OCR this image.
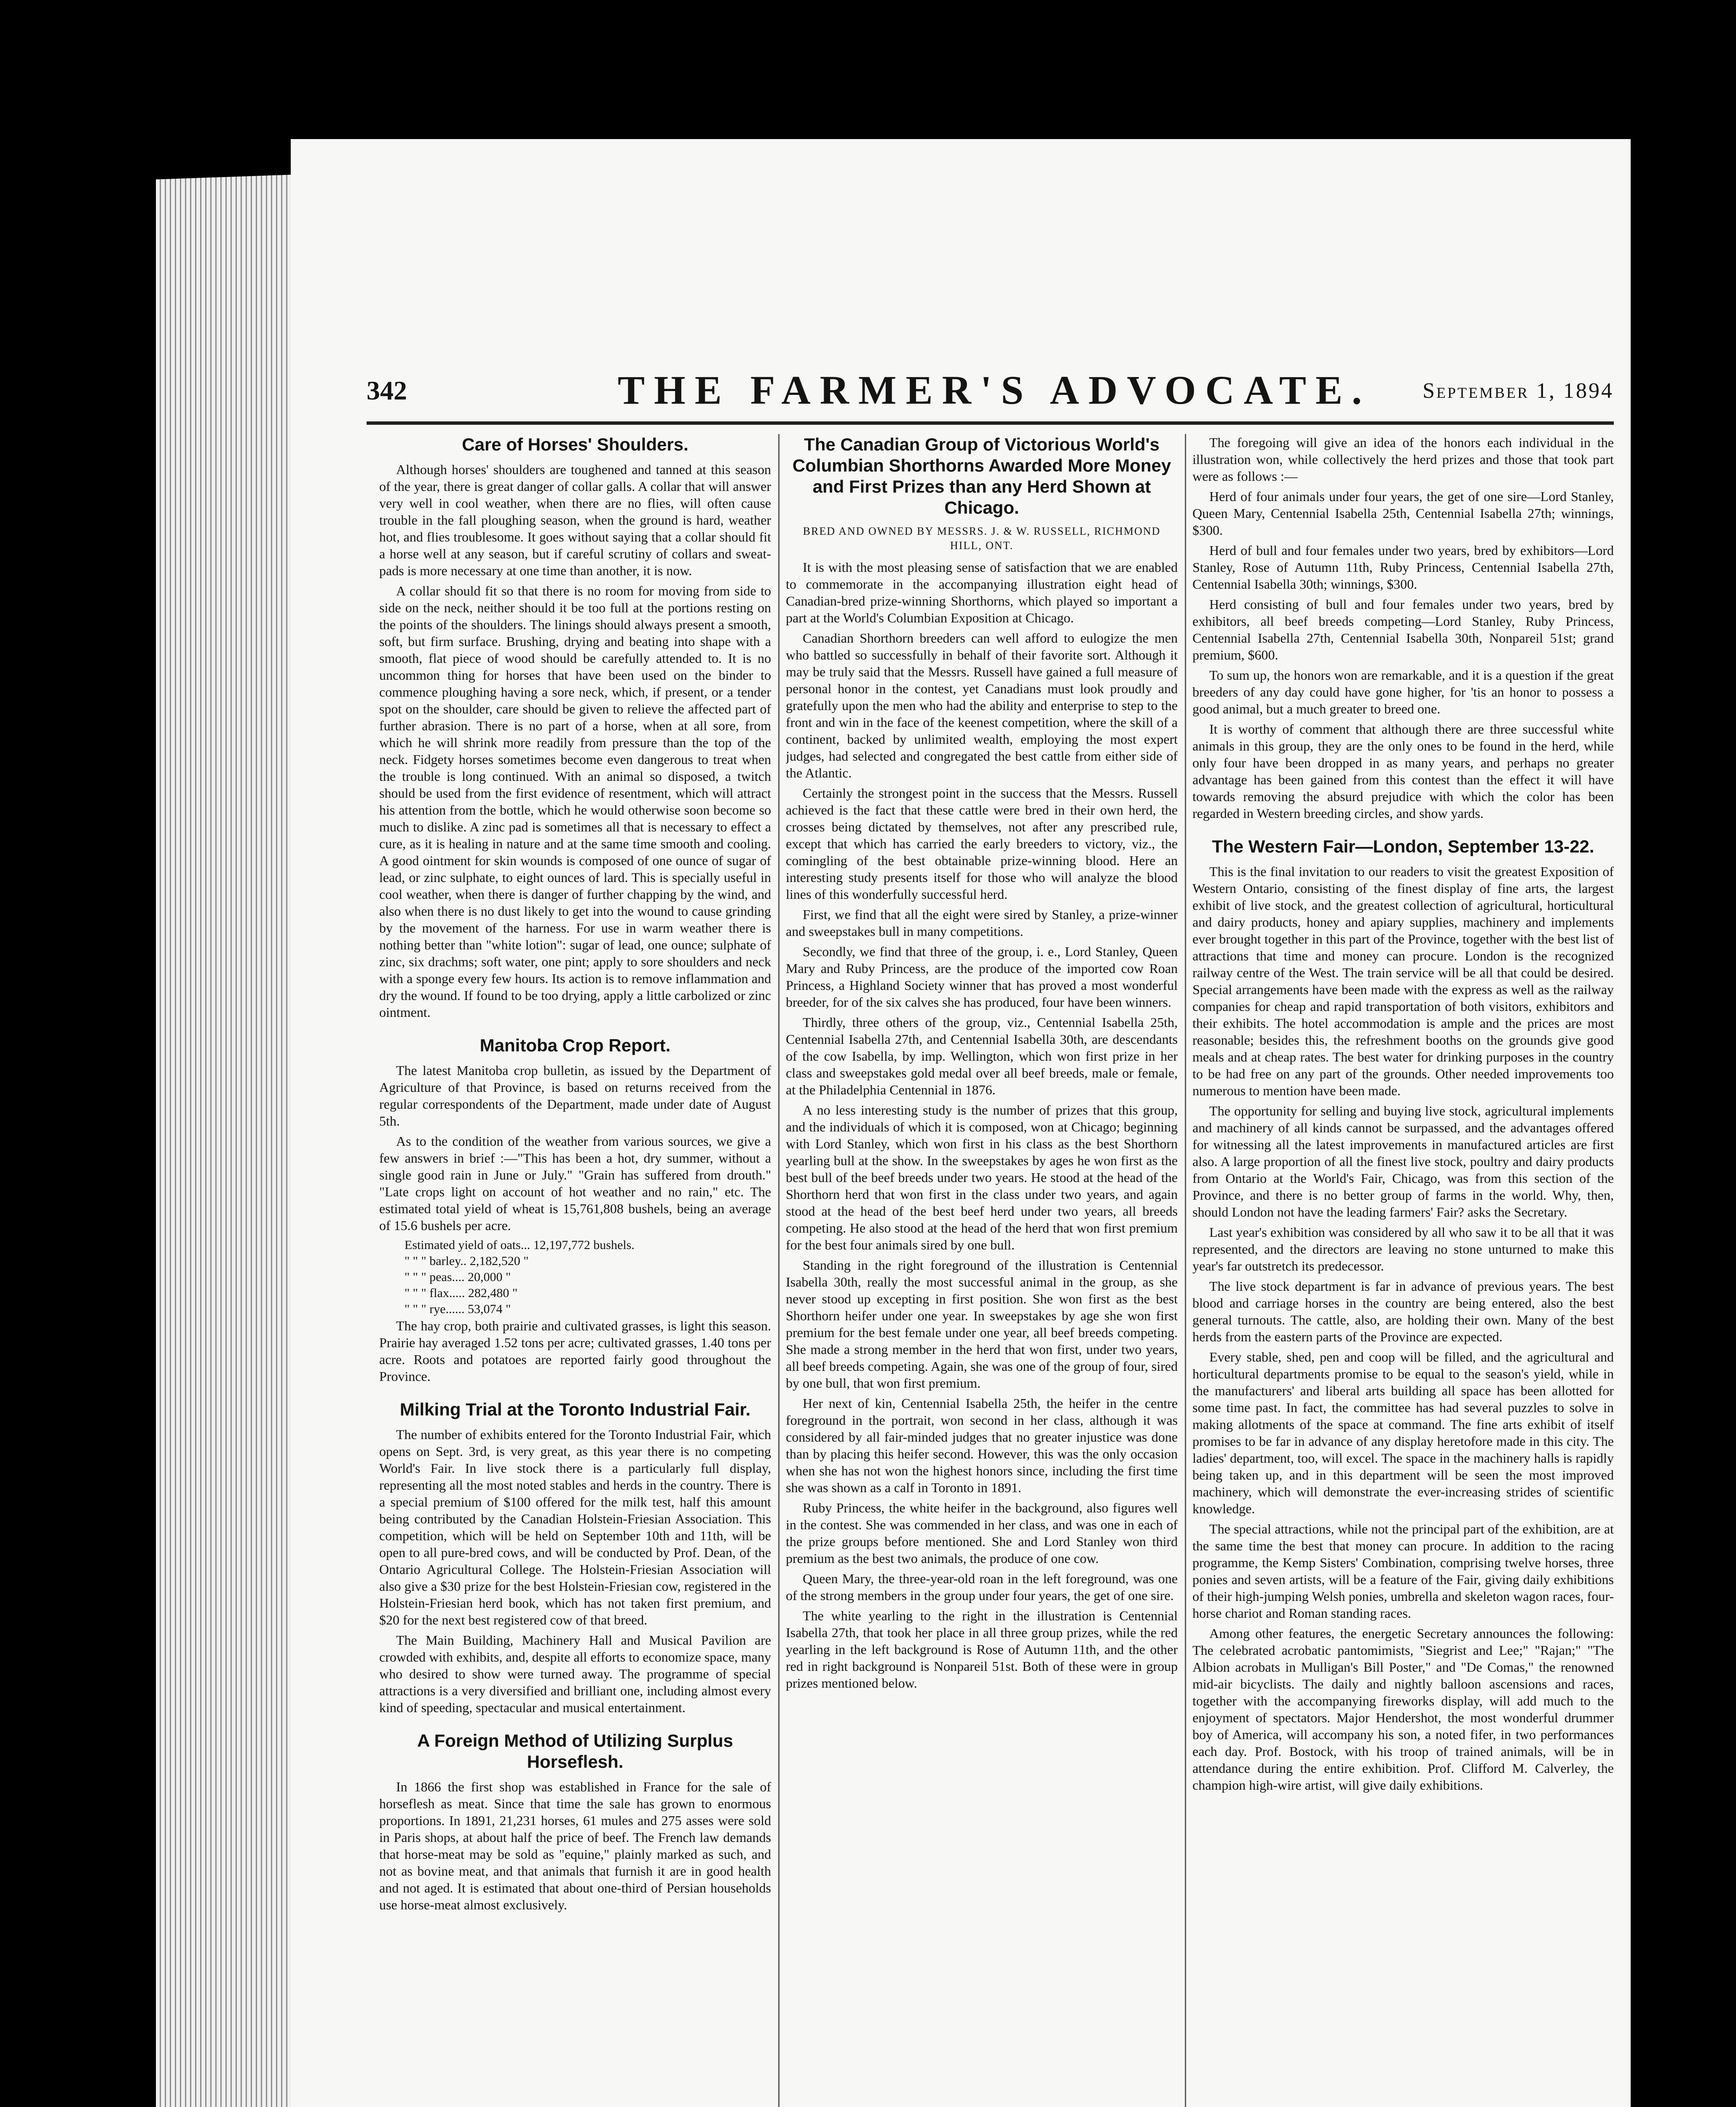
342	THE FARMER'S ADVOCATE.	September 1, 1894
Care of Horses' Shoulders.

Although horses' shoulders are toughened and tanned at this season of the year, there is great danger of collar galls. A collar that will answer very well in cool weather, when there are no flies, will often cause trouble in the fall ploughing season, when the ground is hard, weather hot, and flies troublesome. It goes without saying that a collar should fit a horse well at any season, but if careful scrutiny of collars and sweat-pads is more necessary at one time than another, it is now.

A collar should fit so that there is no room for moving from side to side on the neck, neither should it be too full at the portions resting on the points of the shoulders. The linings should always present a smooth, soft, but firm surface. Brushing, drying and beating into shape with a smooth, flat piece of wood should be carefully attended to. It is no uncommon thing for horses that have been used on the binder to commence ploughing having a sore neck, which, if present, or a tender spot on the shoulder, care should be given to relieve the affected part of further abrasion. There is no part of a horse, when at all sore, from which he will shrink more readily from pressure than the top of the neck. Fidgety horses sometimes become even dangerous to treat when the trouble is long continued. With an animal so disposed, a twitch should be used from the first evidence of resentment, which will attract his attention from the bottle, which he would otherwise soon become so much to dislike. A zinc pad is sometimes all that is necessary to effect a cure, as it is healing in nature and at the same time smooth and cooling. A good ointment for skin wounds is composed of one ounce of sugar of lead, or zinc sulphate, to eight ounces of lard. This is specially useful in cool weather, when there is danger of further chapping by the wind, and also when there is no dust likely to get into the wound to cause grinding by the movement of the harness. For use in warm weather there is nothing better than "white lotion": sugar of lead, one ounce; sulphate of zinc, six drachms; soft water, one pint; apply to sore shoulders and neck with a sponge every few hours. Its action is to remove inflammation and dry the wound. If found to be too drying, apply a little carbolized or zinc ointment.

Manitoba Crop Report.

The latest Manitoba crop bulletin, as issued by the Department of Agriculture of that Province, is based on returns received from the regular correspondents of the Department, made under date of August 5th.

As to the condition of the weather from various sources, we give a few answers in brief :—"This has been a hot, dry summer, without a single good rain in June or July." "Grain has suffered from drouth." "Late crops light on account of hot weather and no rain," etc. The estimated total yield of wheat is 15,761,808 bushels, being an average of 15.6 bushels per acre.

Estimated yield of oats... 12,197,772 bushels.

" " " barley.. 2,182,520 "

" " " peas.... 20,000 "

" " " flax..... 282,480 "

" " " rye...... 53,074 "

The hay crop, both prairie and cultivated grasses, is light this season. Prairie hay averaged 1.52 tons per acre; cultivated grasses, 1.40 tons per acre. Roots and potatoes are reported fairly good throughout the Province.

Milking Trial at the Toronto Industrial Fair.

The number of exhibits entered for the Toronto Industrial Fair, which opens on Sept. 3rd, is very great, as this year there is no competing World's Fair. In live stock there is a particularly full display, representing all the most noted stables and herds in the country. There is a special premium of $100 offered for the milk test, half this amount being contributed by the Canadian Holstein-Friesian Association. This competition, which will be held on September 10th and 11th, will be open to all pure-bred cows, and will be conducted by Prof. Dean, of the Ontario Agricultural College. The Holstein-Friesian Association will also give a $30 prize for the best Holstein-Friesian cow, registered in the Holstein-Friesian herd book, which has not taken first premium, and $20 for the next best registered cow of that breed.

The Main Building, Machinery Hall and Musical Pavilion are crowded with exhibits, and, despite all efforts to economize space, many who desired to show were turned away. The programme of special attractions is a very diversified and brilliant one, including almost every kind of speeding, spectacular and musical entertainment.

A Foreign Method of Utilizing Surplus Horseflesh.

In 1866 the first shop was established in France for the sale of horseflesh as meat. Since that time the sale has grown to enormous proportions. In 1891, 21,231 horses, 61 mules and 275 asses were sold in Paris shops, at about half the price of beef. The French law demands that horse-meat may be sold as "equine," plainly marked as such, and not as bovine meat, and that animals that furnish it are in good health and not aged. It is estimated that about one-third of Persian households use horse-meat almost exclusively.

The Canadian Group of Victorious World's Columbian Shorthorns Awarded More Money and First Prizes than any Herd Shown at Chicago.
BRED AND OWNED BY MESSRS. J. & W. RUSSELL, RICHMOND HILL, ONT.

It is with the most pleasing sense of satisfaction that we are enabled to commemorate in the accompanying illustration eight head of Canadian-bred prize-winning Shorthorns, which played so important a part at the World's Columbian Exposition at Chicago.

Canadian Shorthorn breeders can well afford to eulogize the men who battled so successfully in behalf of their favorite sort. Although it may be truly said that the Messrs. Russell have gained a full measure of personal honor in the contest, yet Canadians must look proudly and gratefully upon the men who had the ability and enterprise to step to the front and win in the face of the keenest competition, where the skill of a continent, backed by unlimited wealth, employing the most expert judges, had selected and congregated the best cattle from either side of the Atlantic.

Certainly the strongest point in the success that the Messrs. Russell achieved is the fact that these cattle were bred in their own herd, the crosses being dictated by themselves, not after any prescribed rule, except that which has carried the early breeders to victory, viz., the comingling of the best obtainable prize-winning blood. Here an interesting study presents itself for those who will analyze the blood lines of this wonderfully successful herd.

First, we find that all the eight were sired by Stanley, a prize-winner and sweepstakes bull in many competitions.

Secondly, we find that three of the group, i. e., Lord Stanley, Queen Mary and Ruby Princess, are the produce of the imported cow Roan Princess, a Highland Society winner that has proved a most wonderful breeder, for of the six calves she has produced, four have been winners.

Thirdly, three others of the group, viz., Centennial Isabella 25th, Centennial Isabella 27th, and Centennial Isabella 30th, are descendants of the cow Isabella, by imp. Wellington, which won first prize in her class and sweepstakes gold medal over all beef breeds, male or female, at the Philadelphia Centennial in 1876.

A no less interesting study is the number of prizes that this group, and the individuals of which it is composed, won at Chicago; beginning with Lord Stanley, which won first in his class as the best Shorthorn yearling bull at the show. In the sweepstakes by ages he won first as the best bull of the beef breeds under two years. He stood at the head of the Shorthorn herd that won first in the class under two years, and again stood at the head of the best beef herd under two years, all breeds competing. He also stood at the head of the herd that won first premium for the best four animals sired by one bull.

Standing in the right foreground of the illustration is Centennial Isabella 30th, really the most successful animal in the group, as she never stood up excepting in first position. She won first as the best Shorthorn heifer under one year. In sweepstakes by age she won first premium for the best female under one year, all beef breeds competing. She made a strong member in the herd that won first, under two years, all beef breeds competing. Again, she was one of the group of four, sired by one bull, that won first premium.

Her next of kin, Centennial Isabella 25th, the heifer in the centre foreground in the portrait, won second in her class, although it was considered by all fair-minded judges that no greater injustice was done than by placing this heifer second. However, this was the only occasion when she has not won the highest honors since, including the first time she was shown as a calf in Toronto in 1891.

Ruby Princess, the white heifer in the background, also figures well in the contest. She was commended in her class, and was one in each of the prize groups before mentioned. She and Lord Stanley won third premium as the best two animals, the produce of one cow.

Queen Mary, the three-year-old roan in the left foreground, was one of the strong members in the group under four years, the get of one sire.

The white yearling to the right in the illustration is Centennial Isabella 27th, that took her place in all three group prizes, while the red yearling in the left background is Rose of Autumn 11th, and the other red in right background is Nonpareil 51st. Both of these were in group prizes mentioned below.

The foregoing will give an idea of the honors each individual in the illustration won, while collectively the herd prizes and those that took part were as follows :—

Herd of four animals under four years, the get of one sire—Lord Stanley, Queen Mary, Centennial Isabella 25th, Centennial Isabella 27th; winnings, $300.

Herd of bull and four females under two years, bred by exhibitors—Lord Stanley, Rose of Autumn 11th, Ruby Princess, Centennial Isabella 27th, Centennial Isabella 30th; winnings, $300.

Herd consisting of bull and four females under two years, bred by exhibitors, all beef breeds competing—Lord Stanley, Ruby Princess, Centennial Isabella 27th, Centennial Isabella 30th, Nonpareil 51st; grand premium, $600.

To sum up, the honors won are remarkable, and it is a question if the great breeders of any day could have gone higher, for 'tis an honor to possess a good animal, but a much greater to breed one.

It is worthy of comment that although there are three successful white animals in this group, they are the only ones to be found in the herd, while only four have been dropped in as many years, and perhaps no greater advantage has been gained from this contest than the effect it will have towards removing the absurd prejudice with which the color has been regarded in Western breeding circles, and show yards.

The Western Fair—London, September 13-22.

This is the final invitation to our readers to visit the greatest Exposition of Western Ontario, consisting of the finest display of fine arts, the largest exhibit of live stock, and the greatest collection of agricultural, horticultural and dairy products, honey and apiary supplies, machinery and implements ever brought together in this part of the Province, together with the best list of attractions that time and money can procure. London is the recognized railway centre of the West. The train service will be all that could be desired. Special arrangements have been made with the express as well as the railway companies for cheap and rapid transportation of both visitors, exhibitors and their exhibits. The hotel accommodation is ample and the prices are most reasonable; besides this, the refreshment booths on the grounds give good meals and at cheap rates. The best water for drinking purposes in the country to be had free on any part of the grounds. Other needed improvements too numerous to mention have been made.

The opportunity for selling and buying live stock, agricultural implements and machinery of all kinds cannot be surpassed, and the advantages offered for witnessing all the latest improvements in manufactured articles are first also. A large proportion of all the finest live stock, poultry and dairy products from Ontario at the World's Fair, Chicago, was from this section of the Province, and there is no better group of farms in the world. Why, then, should London not have the leading farmers' Fair? asks the Secretary.

Last year's exhibition was considered by all who saw it to be all that it was represented, and the directors are leaving no stone unturned to make this year's far outstretch its predecessor.

The live stock department is far in advance of previous years. The best blood and carriage horses in the country are being entered, also the best general turnouts. The cattle, also, are holding their own. Many of the best herds from the eastern parts of the Province are expected.

Every stable, shed, pen and coop will be filled, and the agricultural and horticultural departments promise to be equal to the season's yield, while in the manufacturers' and liberal arts building all space has been allotted for some time past. In fact, the committee has had several puzzles to solve in making allotments of the space at command. The fine arts exhibit of itself promises to be far in advance of any display heretofore made in this city. The ladies' department, too, will excel. The space in the machinery halls is rapidly being taken up, and in this department will be seen the most improved machinery, which will demonstrate the ever-increasing strides of scientific knowledge.

The special attractions, while not the principal part of the exhibition, are at the same time the best that money can procure. In addition to the racing programme, the Kemp Sisters' Combination, comprising twelve horses, three ponies and seven artists, will be a feature of the Fair, giving daily exhibitions of their high-jumping Welsh ponies, umbrella and skeleton wagon races, four-horse chariot and Roman standing races.

Among other features, the energetic Secretary announces the following: The celebrated acrobatic pantomimists, "Siegrist and Lee;" "Rajan;" "The Albion acrobats in Mulligan's Bill Poster," and "De Comas," the renowned mid-air bicyclists. The daily and nightly balloon ascensions and races, together with the accompanying fireworks display, will add much to the enjoyment of spectators. Major Hendershot, the most wonderful drummer boy of America, will accompany his son, a noted fifer, in two performances each day. Prof. Bostock, with his troop of trained animals, will be in attendance during the entire exhibition. Prof. Clifford M. Calverley, the champion high-wire artist, will give daily exhibitions.
